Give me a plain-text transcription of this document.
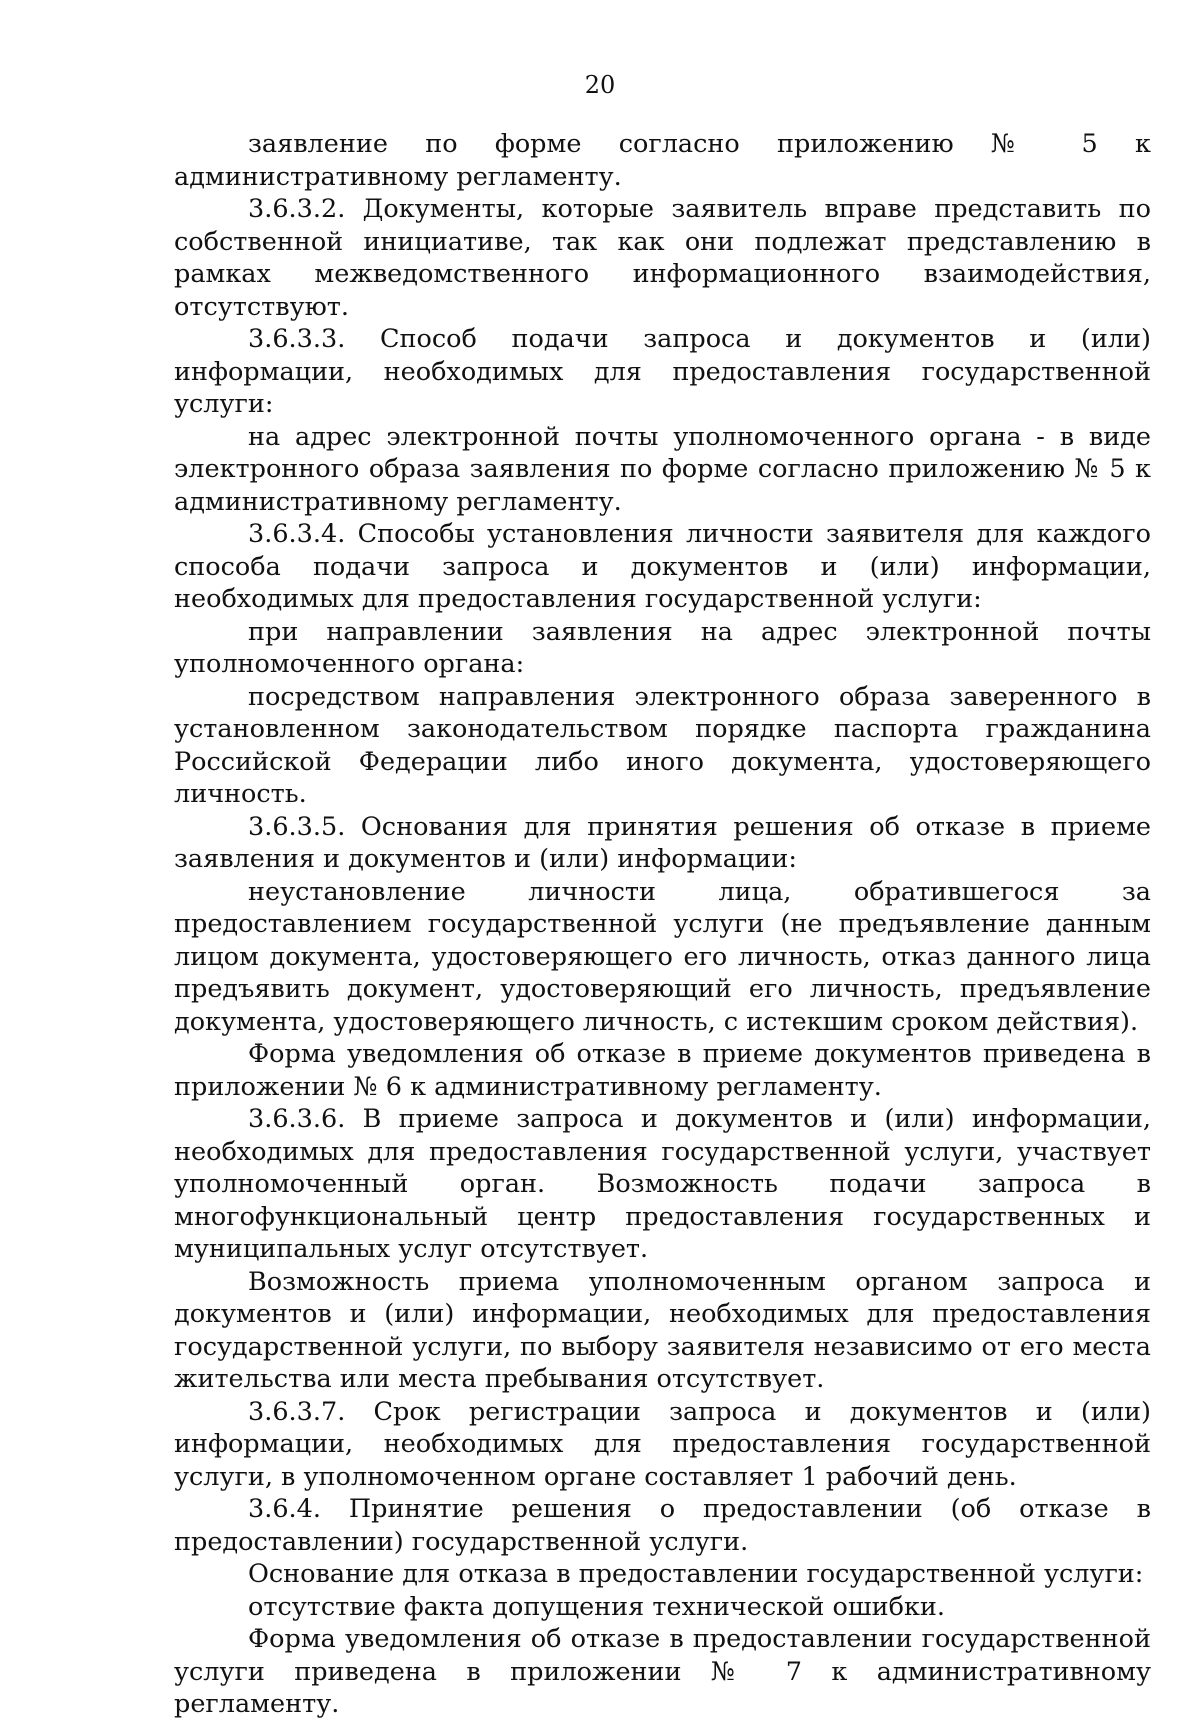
20

заявление по форме согласно приложению № 5 к административному регламенту.

3.6.3.2. Документы, которые заявитель вправе представить по собственной инициативе, так как они подлежат представлению в рамках межведомственного информационного взаимодействия, отсутствуют.

3.6.3.3. Способ подачи запроса и документов и (или) информации, необходимых для предоставления государственной услуги:

на адрес электронной почты уполномоченного органа - в виде электронного образа заявления по форме согласно приложению № 5 к административному регламенту.

3.6.3.4. Способы установления личности заявителя для каждого способа подачи запроса и документов и (или) информации, необходимых для предоставления государственной услуги:

при направлении заявления на адрес электронной почты уполномоченного органа:

посредством направления электронного образа заверенного в установленном законодательством порядке паспорта гражданина Российской Федерации либо иного документа, удостоверяющего личность.

3.6.3.5. Основания для принятия решения об отказе в приеме заявления и документов и (или) информации:

неустановление личности лица, обратившегося за предоставлением государственной услуги (не предъявление данным лицом документа, удостоверяющего его личность, отказ данного лица предъявить документ, удостоверяющий его личность, предъявление документа, удостоверяющего личность, с истекшим сроком действия).

Форма уведомления об отказе в приеме документов приведена в приложении № 6 к административному регламенту.

3.6.3.6. В приеме запроса и документов и (или) информации, необходимых для предоставления государственной услуги, участвует уполномоченный орган. Возможность подачи запроса в многофункциональный центр предоставления государственных и муниципальных услуг отсутствует.

Возможность приема уполномоченным органом запроса и документов и (или) информации, необходимых для предоставления государственной услуги, по выбору заявителя независимо от его места жительства или места пребывания отсутствует.

3.6.3.7. Срок регистрации запроса и документов и (или) информации, необходимых для предоставления государственной услуги, в уполномоченном органе составляет 1 рабочий день.

3.6.4. Принятие решения о предоставлении (об отказе в предоставлении) государственной услуги.

Основание для отказа в предоставлении государственной услуги:

отсутствие факта допущения технической ошибки.

Форма уведомления об отказе в предоставлении государственной услуги приведена в приложении № 7 к административному регламенту.
